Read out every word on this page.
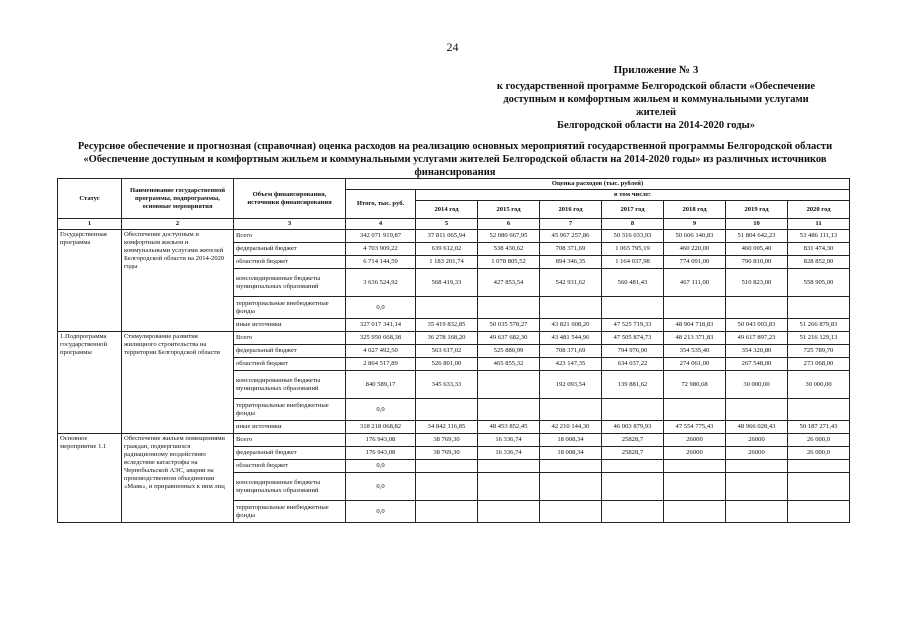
24
Приложение № 3
к государственной программе Белгородской области «Обеспечение
доступным и комфортным жильем и коммунальными услугами жителей
Белгородской области на 2014-2020 годы»
Ресурсное обеспечение и прогнозная (справочная) оценка расходов на реализацию основных мероприятий государственной программы Белгородской области
«Обеспечение доступным и комфортным жильем и коммунальными услугами жителей Белгородской области на 2014-2020 годы» из различных источников
финансирования
Статус	Наименование государственной программы, подпрограммы, основные мероприятия	Объем финансирования, источники финансирования	Оценка расходов (тыс. рублей)							
			Итого, тыс. руб.	в том числе:						
				2014 год	2015 год	2016 год	2017 год	2018 год	2019 год	2020 год
1	2	3	4	5	6	7	8	9	10	11
Государственная программа	Обеспечение доступным и комфортным жильем и коммунальными услугами жителей Белгородской области на 2014-2020 годы	Всего	342 071 919,87	37 811 065,94	52 080 667,95	45 967 257,86	50 316 033,93	50 606 140,83	51 804 642,23	53 486 111,13
		федеральный бюджет	4 703 909,22	639 612,02	538 430,62	708 371,69	1 065 795,19	460 220,00	460 005,40	831 474,30
		областной бюджет	6 714 144,59	1 183 201,74	1 078 805,52	894 346,35	1 164 037,98	774 091,00	790 810,00	828 852,00
		консолидированные бюджеты муниципальных образований	3 636 524,92	568 419,33	427 853,54	542 931,62	560 481,43	467 111,00	510 823,00	558 905,00
		территориальные внебюджетные фонды	0,0							
		иные источники	327 017 341,14	35 419 832,85	50 035 578,27	43 821 608,20	47 525 719,33	48 904 718,83	50 043 003,83	51 266 879,83
1.Подпрограмма государственной программы	Стимулирование развития жилищного строительства на территории Белгородской области	Всего	325 950 668,38	36 278 168,20	49 637 682,30	43 481 544,96	47 505 874,73	48 213 371,83	49 617 897,23	51 216 129,13
		федеральный бюджет	4 027 492,50	563 617,02	525 880,99	708 371,69	794 976,90	354 535,40	354 320,80	725 789,70
		областной бюджет	2 864 517,89	526 801,00	465 855,32	423 147,35	634 037,22	274 061,00	267 548,00	273 068,00
		консолидированные бюджеты муниципальных образований	840 589,17	345 633,33		192 093,54	139 881,62	72 980,68	30 000,00	30 000,00
		территориальные внебюджетные фонды	0,0							
		иные источники	318 218 068,82	34 842 116,85	48 453 852,45	42 210 144,30	46 003 879,93	47 554 775,43	48 966 028,43	50 187 271,43
Основное мероприятие 1.1	Обеспечение жильем помещениями граждан, подвергшихся радиационному воздействию вследствие катастрофы на Чернобыльской АЭС, аварии на производственном объединении «Маяк», и приравненных к ним лиц	Всего	176 943,08	38 769,30	16 336,74	18 008,34	25828,7	26000	26000	26 000,0
		федеральный бюджет	176 943,08	38 769,30	16 336,74	18 008,34	25828,7	26000	26000	26 000,0
		областной бюджет	0,0							
		консолидированные бюджеты муниципальных образований	0,0							
		территориальные внебюджетные фонды	0,0							
